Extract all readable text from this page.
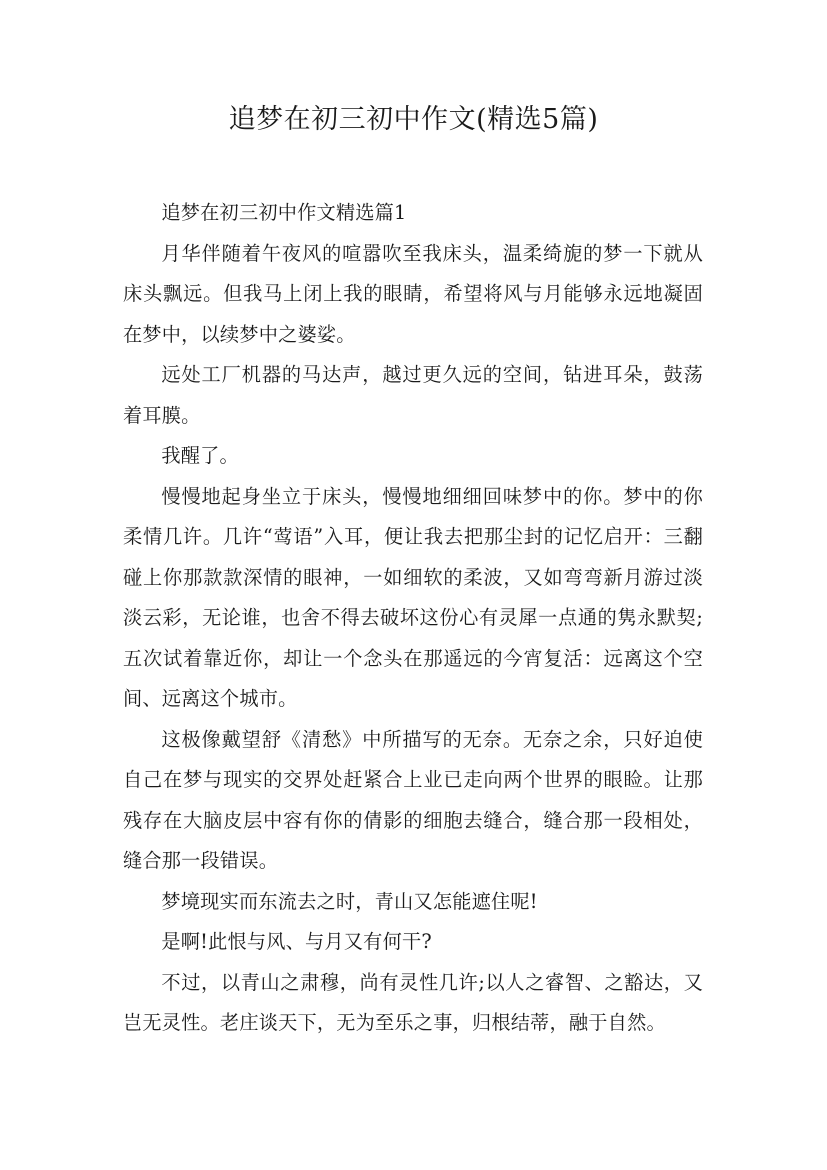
追梦在初三初中作文(精选5篇)

追梦在初三初中作文精选篇1

月华伴随着午夜风的喧嚣吹至我床头，温柔绮旎的梦一下就从床头飘远。但我马上闭上我的眼睛，希望将风与月能够永远地凝固在梦中，以续梦中之婆娑。

远处工厂机器的马达声，越过更久远的空间，钻进耳朵，鼓荡着耳膜。

我醒了。

慢慢地起身坐立于床头，慢慢地细细回味梦中的你。梦中的你柔情几许。几许“莺语”入耳，便让我去把那尘封的记忆启开：三翻碰上你那款款深情的眼神，一如细软的柔波，又如弯弯新月游过淡淡云彩，无论谁，也舍不得去破坏这份心有灵犀一点通的隽永默契;五次试着靠近你，却让一个念头在那遥远的今宵复活：远离这个空间、远离这个城市。

这极像戴望舒《清愁》中所描写的无奈。无奈之余，只好迫使自己在梦与现实的交界处赶紧合上业已走向两个世界的眼睑。让那残存在大脑皮层中容有你的倩影的细胞去缝合，缝合那一段相处，缝合那一段错误。

梦境现实而东流去之时，青山又怎能遮住呢!

是啊!此恨与风、与月又有何干?

不过，以青山之肃穆，尚有灵性几许;以人之睿智、之豁达，又岂无灵性。老庄谈天下，无为至乐之事，归根结蒂，融于自然。
